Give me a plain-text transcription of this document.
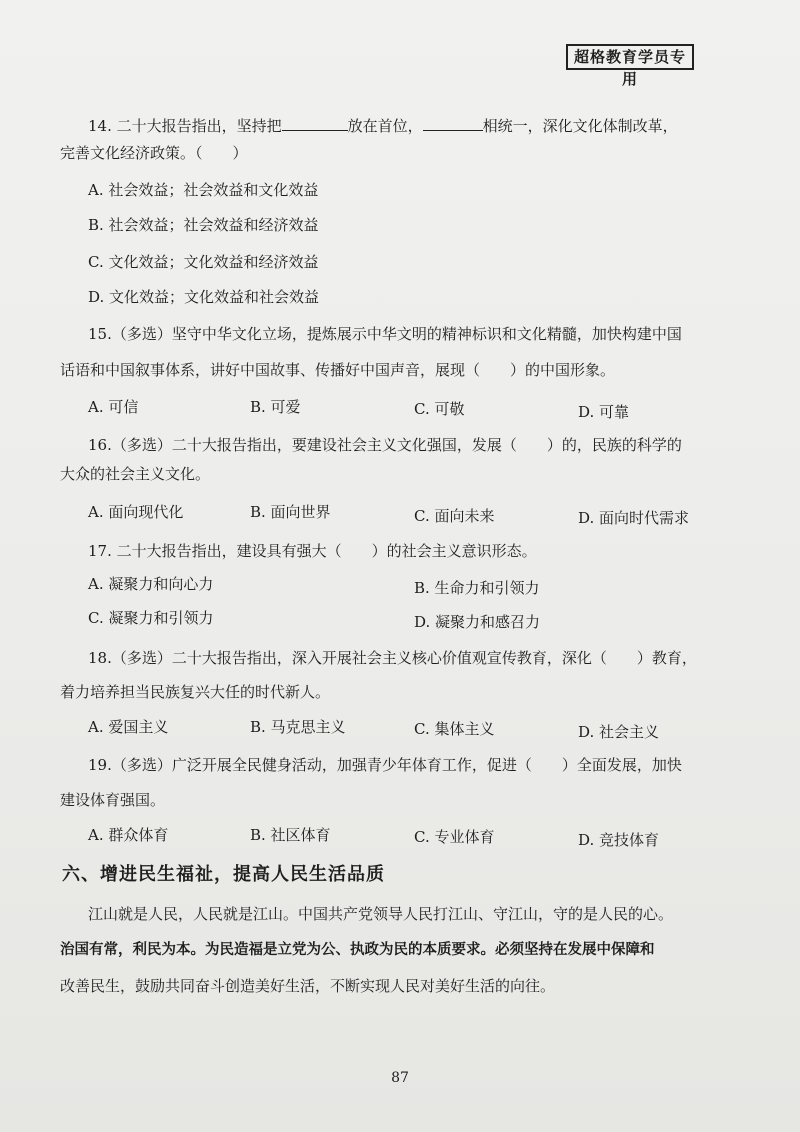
超格教育学员专用
14. 二十大报告指出，坚持把	放在首位，	相统一，深化文化体制改革，
完善文化经济政策。（　　）
A. 社会效益；社会效益和文化效益
B. 社会效益；社会效益和经济效益
C. 文化效益；文化效益和经济效益
D. 文化效益；文化效益和社会效益
15.（多选）坚守中华文化立场，提炼展示中华文明的精神标识和文化精髓，加快构建中国
话语和中国叙事体系，讲好中国故事、传播好中国声音，展现（　　）的中国形象。
A. 可信	B. 可爱	C. 可敬	D. 可靠
16.（多选）二十大报告指出，要建设社会主义文化强国，发展（　　）的，民族的科学的
大众的社会主义文化。
A. 面向现代化	B. 面向世界	C. 面向未来	D. 面向时代需求
17. 二十大报告指出，建设具有强大（　　）的社会主义意识形态。
A. 凝聚力和向心力	B. 生命力和引领力
C. 凝聚力和引领力	D. 凝聚力和感召力
18.（多选）二十大报告指出，深入开展社会主义核心价值观宣传教育，深化（　　）教育，
着力培养担当民族复兴大任的时代新人。
A. 爱国主义	B. 马克思主义	C. 集体主义	D. 社会主义
19.（多选）广泛开展全民健身活动，加强青少年体育工作，促进（　　）全面发展，加快
建设体育强国。
A. 群众体育	B. 社区体育	C. 专业体育	D. 竞技体育
六、增进民生福祉，提高人民生活品质
江山就是人民，人民就是江山。中国共产党领导人民打江山、守江山，守的是人民的心。
治国有常，利民为本。为民造福是立党为公、执政为民的本质要求。必须坚持在发展中保障和
改善民生，鼓励共同奋斗创造美好生活，不断实现人民对美好生活的向往。
87
